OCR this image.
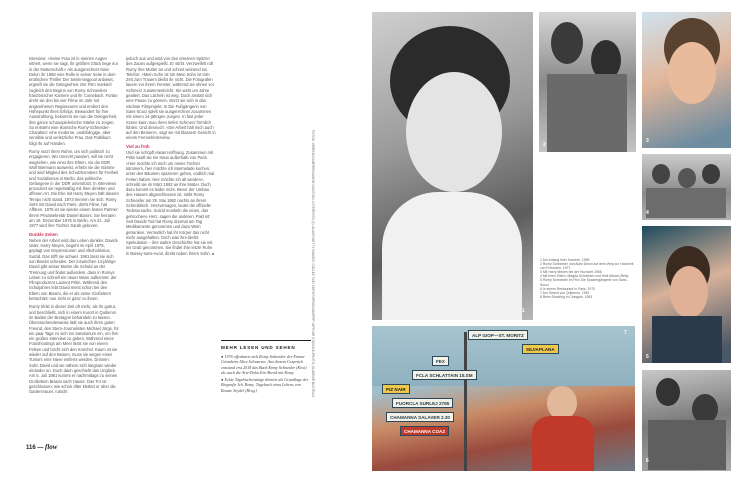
Interview: »Seine Frau ist in meinen Augen eitriert, wenn sie sagt, ihr größtes Glück liege nur in der Mutterschaft.« Als ausgerechnet Alain Delon ihr 1968 eine Rolle in seiner Seite in dem erotischen Thriller Der Swimmingpool anbietet, ergreift sie die Gelegenheit. Der Film markiert zugleich den Beginn von Romy Schneiders französischer Karriere und ihr Comeback. Fortan dreht sie drei bis vier Filme im Jahr mit angesehenen Regisseuren und erobert den Höhepunkt ihres Erfolgs. Bewundert für ihre Ausstrahlung, bekommt sie nun die Gelegenheit, ihre ganze schauspielerische Stärke zu zeigen. So entsteht eine ikonische Romy-Schneider-Charakter: eine moderne, unabhängige, aber sensible und verletzliche Frau. Das Publikum folgt ihr auf Händen.

Romy nutzt ihren Ruhm, um sich politisch zu engagieren. Wo Unrecht passiert, will sie nicht wegsehen, wie einst ihre Eltern. Als die DDR Wolf Biermann ausweist, erhebt sie die Stimme und wird Mitglied des Schutzkomitees für Freiheit und Sozialismus in Berlin, das politische Gefangene in der DDR unterstützt. In Interviews provoziert sie regelmäßig mit ihrer direkten und offenen Art. Die Ehe mit Harry Meyen hält diesem Tempo nicht stand. 1973 trennen sie sich. Romy zieht mit David nach Paris, dreht Filme, hat Affären. 1975 ist sie wieder einem festen Partner: ihrem Privatsekretär Daniel Biasini. Sie heiraten am 18. Dezember 1975 in Berlin. Am 21. Juli 1977 wird ihre Tochter Sarah geboren.

Dunkle Zeiten

Neben der Arbeit wird das Leben dunkler. Davids Vater, Harry Meyen, begeht im April 1979, geplagt von Depressionen und Alkoholismus, Suizid. Das trifft sie schwer. 1981 lässt sie sich von Biasini scheiden. Der inzwischen 14-jährige David gibt seiner Mutter die Schuld an der Trennung und findet außerdem, dass in Romys Leben zu schnell ein neuer Mann aufkommt: der Filmproduzent Laurent Pétin. Während des Schuljahres lebt David meist schon bei den Eltern von Biasini, die er als seine Großeltern betrachtet; nun zieht er ganz zu ihnen.

Romy trinkt in dieser Zeit oft mehr, als ihr guttut, und beschließt, sich in einem Kurort in Quiberon im Baden der Bretagne behandeln zu lassen. Überraschenderweise lädt sie auch ihren guten Freund, den Stern-Journalisten Michael Jürgs, für ein paar Tage zu sich ins Sanatorium ein, um ihm ein großes Interview zu geben. Während eines Fotoshootings am Meer lässt sie von einem Felsen und bricht sich den Knöchel. Kaum ist sie wieder auf den Beinen, muss sie wegen eines Tumors eine Niere entfernt werden. Drinnen: Sohn David und sie nähern sich langsam wieder einander an. Doch dann geschieht das Unglück. Am 5. Juli 1981 kommt er nachmittags zu seinen Großeltern Biasini nach Hause. Das Tor ist geschlossen; wie schon öfter klettert er über die Gartenmauer, rutscht

jedoch aus und wird von den eisernen Spitzen des Zauns aufgespießt. Er stirbt. Verzweifelt ruft Romy ihre Mutter an und schreit weinend ins Telefon: »Mein Sohn ist tot! Mein Sohn ist tot!« Zeit zum Trauern bleibt ihr nicht. Die Fotografen lauern vor ihrem Fenster, während sie ohnen vor Schmerz zusammenbricht. Sie wirkt um Jahre gealtert. Das Lächeln ist weg. Doch anstatt sich eine Pause zu gönnen, stürzt sie sich in das nächste Filmprojekt. In Die Fußgängerin von Sans-Souci spielt sie ausgerechnet zusammen mit einem 14-jährigen Jungen. In fast jeder Szene kann man ihren tiefen Schmerz förmlich fühlen. Und dennoch: »Die Arbeit hält mich auch auf den Beinen!«, sagt sie mit blassem Gesicht in einem Fernsehinterview.

Viel zu früh

Und sie schöpft etwas Hoffnung. Zusammen mit Pétin kauft sie ein Haus außerhalb von Paris. »Hier möchte ich mich um meine Tochter kümmern, hier möchte ich Marmelade kochen, unter den Bäumen spazieren gehen, endlich mal Ferien haben. Hier möchte ich alt werden«, schreibt sie im März 1982 an ihre Mutter. Doch dazu kommt es leider nicht. Bevor der Umbau des Hauses abgeschlossen ist, stirbt Romy Schneider am 29. Mai 1982 nachts an ihrem Schreibtisch. Herzversagen, lautet die offizielle Todesursache. Suizid munkeln die einen, das gebrochene Herz, sagen die anderen. Fakt ist: Seit Davids Tod hat Romy dreimal am Tag Medikamente genommen und dazu Wein getrunken. Vermutlich hat ihr Körper das nicht mehr ausgehalten. Doch was ihre bleibt: Spekulation – ihre wahre Geschichte hat sie mit ins Grab genommen. Sie findet ihre letzte Ruhe in Boissy-sans-Avoir, direkt neben ihrem Sohn. ●

MEHR LESEN UND SEHEN
● 1976 offenbarte sich Romy Schneider der Emma-Gründerin Alice Schwarzer. Aus diesem Gespräch entstand erst 2018 das Buch Romy Schneider (Kiwi) als auch die Arte-Doku Ein Abend mit Romy.
● Echte Tagebucheinträge dienten als Grundlage der Biografie Ich, Romy. Tagebuch eines Lebens von Renate Seydel (Hrsg.)	FOTOS: VERENA KAMPIERS/ANDIE DUNSTAN; INTERFOTO (2): ALAMY/GETTY IMAGES; COLLECTION CHRISTOPHEL/MAXPPP; ARTHUR STANGLE-PHOTO; VLADIMIR BUSTEAU
116 — flow
1
2
1 Am Anfang ihrer Karriere, 1959
2 Romy Schneider und Alain Delon auf dem Weg zur Hochzeit von Freunden, 1971
3 Mit Harry Meyen bei der Hochzeit 1966
4 Mit ihren Eltern, Magda Schneider und Wolf Albach-Retty
5 Romy Schneider im Film Die Spaziergängerin von Sans-Souci
6 In einem Restaurant in Paris, 1970
7 Am Strand von Quiberon, 1981
8 Beim Shooting in Ciringiah, 1983
3
4
5
ALP GIOP—ST. MORITZ
SILVAPLANA
FEX
FCLA SCHLATTAIN 15.SM
PIZ NAIR
FUORCLA SURLEJ 2755
CHAMANNA SALAVER 2.30
CHAMANNA COAZ
7
6
